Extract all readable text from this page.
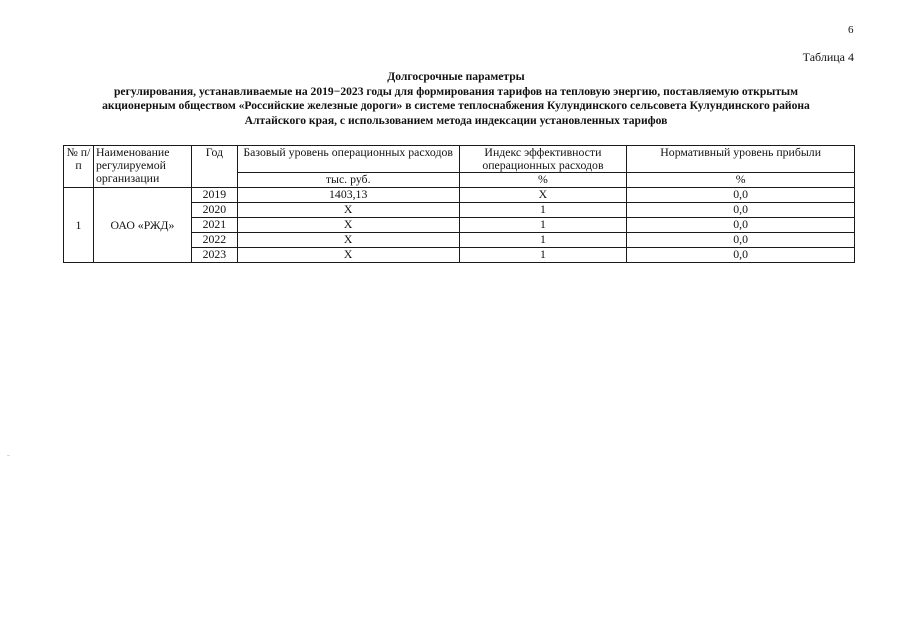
6
Таблица 4
Долгосрочные параметры
регулирования, устанавливаемые на 2019−2023 годы для формирования тарифов на тепловую энергию, поставляемую открытым
акционерным обществом «Российские железные дороги» в системе теплоснабжения Кулундинского сельсовета Кулундинского района
Алтайского края, с использованием метода индексации установленных тарифов
№ п/п	Наименование регулируемой организации	Год	Базовый уровень операционных расходов	Индекс эффективности операционных расходов	Нормативный уровень прибыли
			тыс. руб.	%	%
1	ОАО «РЖД»	2019	1403,13	Х	0,0
		2020	Х	1	0,0
		2021	Х	1	0,0
		2022	Х	1	0,0
		2023	Х	1	0,0
